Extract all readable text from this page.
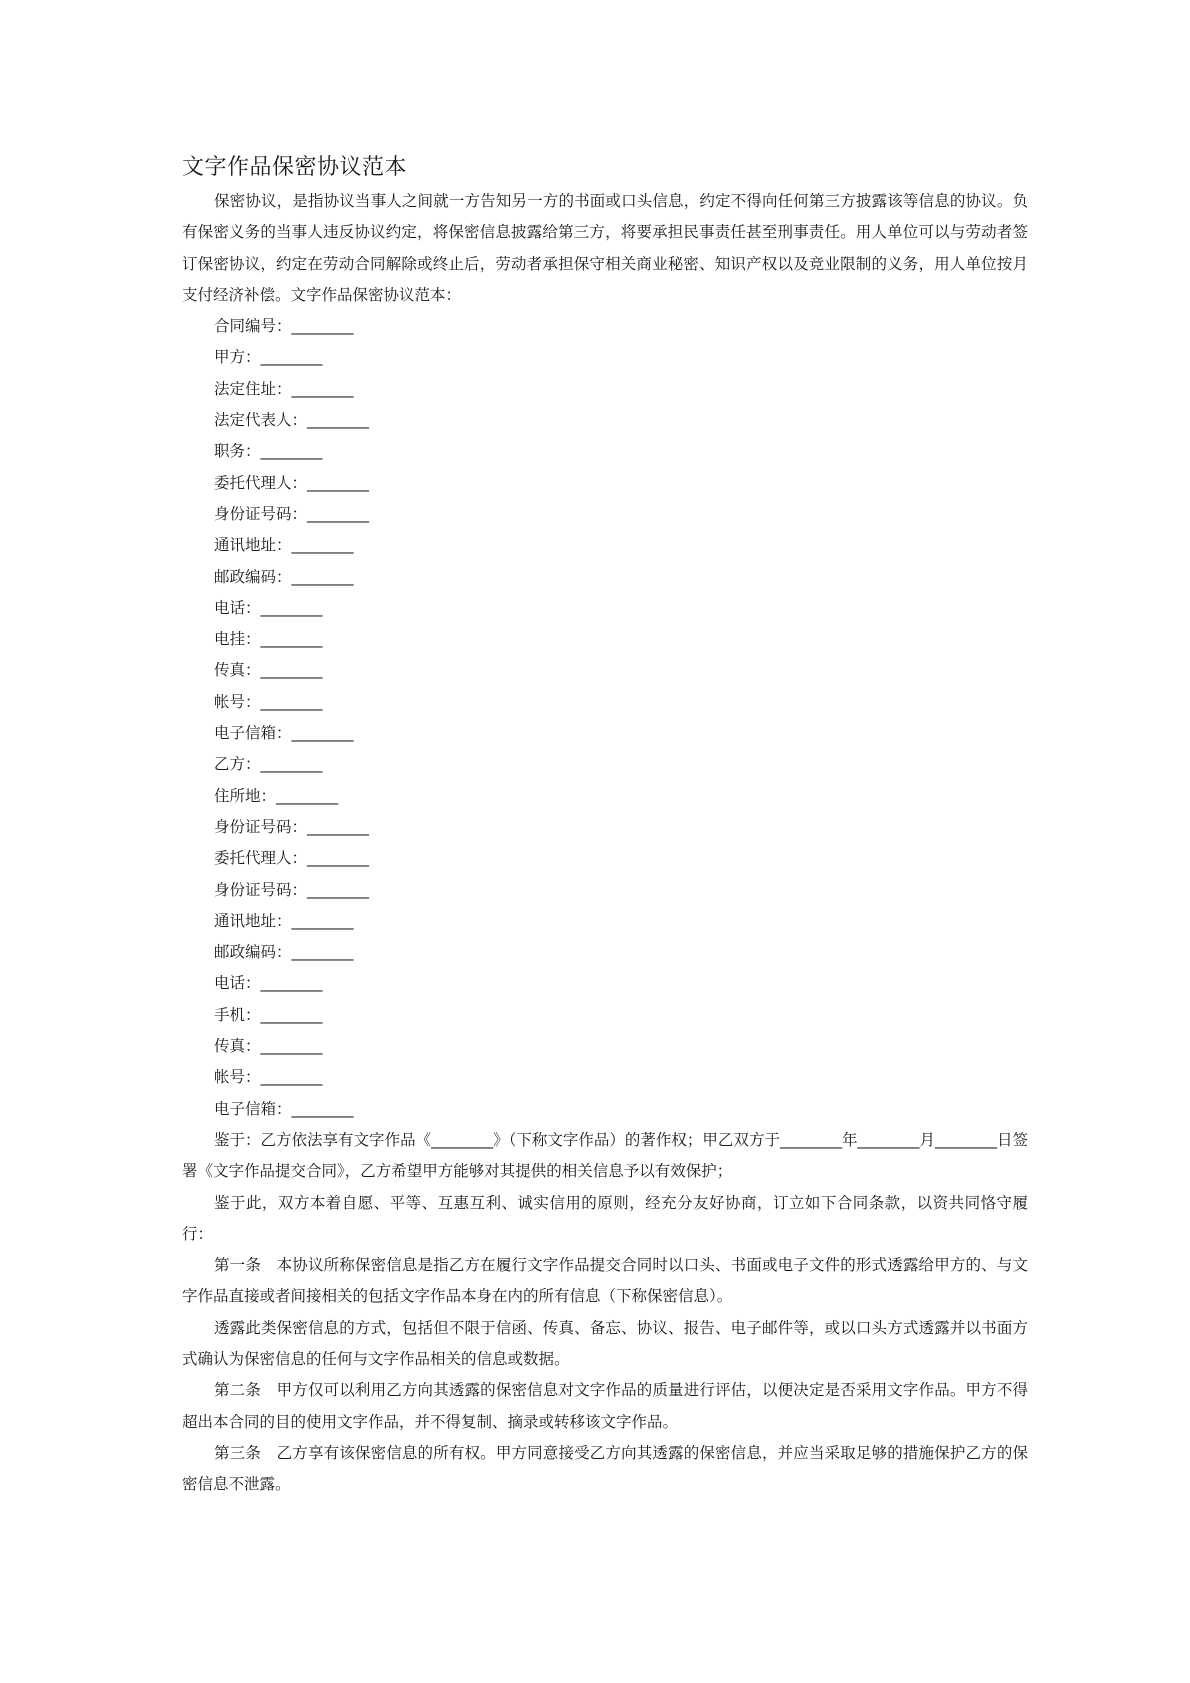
文字作品保密协议范本

保密协议，是指协议当事人之间就一方告知另一方的书面或口头信息，约定不得向任何第三方披露该等信息的协议。负有保密义务的当事人违反协议约定，将保密信息披露给第三方，将要承担民事责任甚至刑事责任。用人单位可以与劳动者签订保密协议，约定在劳动合同解除或终止后，劳动者承担保守相关商业秘密、知识产权以及竞业限制的义务，用人单位按月支付经济补偿。文字作品保密协议范本：

合同编号：________
甲方：________
法定住址：________
法定代表人：________
职务：________
委托代理人：________
身份证号码：________
通讯地址：________
邮政编码：________
电话：________
电挂：________
传真：________
帐号：________
电子信箱：________
乙方：________
住所地：________
身份证号码：________
委托代理人：________
身份证号码：________
通讯地址：________
邮政编码：________
电话：________
手机：________
传真：________
帐号：________
电子信箱：________

鉴于：乙方依法享有文字作品《________》（下称文字作品）的著作权；甲乙双方于________年________月________日签署《文字作品提交合同》，乙方希望甲方能够对其提供的相关信息予以有效保护；

鉴于此，双方本着自愿、平等、互惠互利、诚实信用的原则，经充分友好协商，订立如下合同条款，以资共同恪守履行：

第一条　本协议所称保密信息是指乙方在履行文字作品提交合同时以口头、书面或电子文件的形式透露给甲方的、与文字作品直接或者间接相关的包括文字作品本身在内的所有信息（下称保密信息）。

透露此类保密信息的方式，包括但不限于信函、传真、备忘、协议、报告、电子邮件等，或以口头方式透露并以书面方式确认为保密信息的任何与文字作品相关的信息或数据。

第二条　甲方仅可以利用乙方向其透露的保密信息对文字作品的质量进行评估，以便决定是否采用文字作品。甲方不得超出本合同的目的使用文字作品，并不得复制、摘录或转移该文字作品。

第三条　乙方享有该保密信息的所有权。甲方同意接受乙方向其透露的保密信息，并应当采取足够的措施保护乙方的保密信息不泄露。
